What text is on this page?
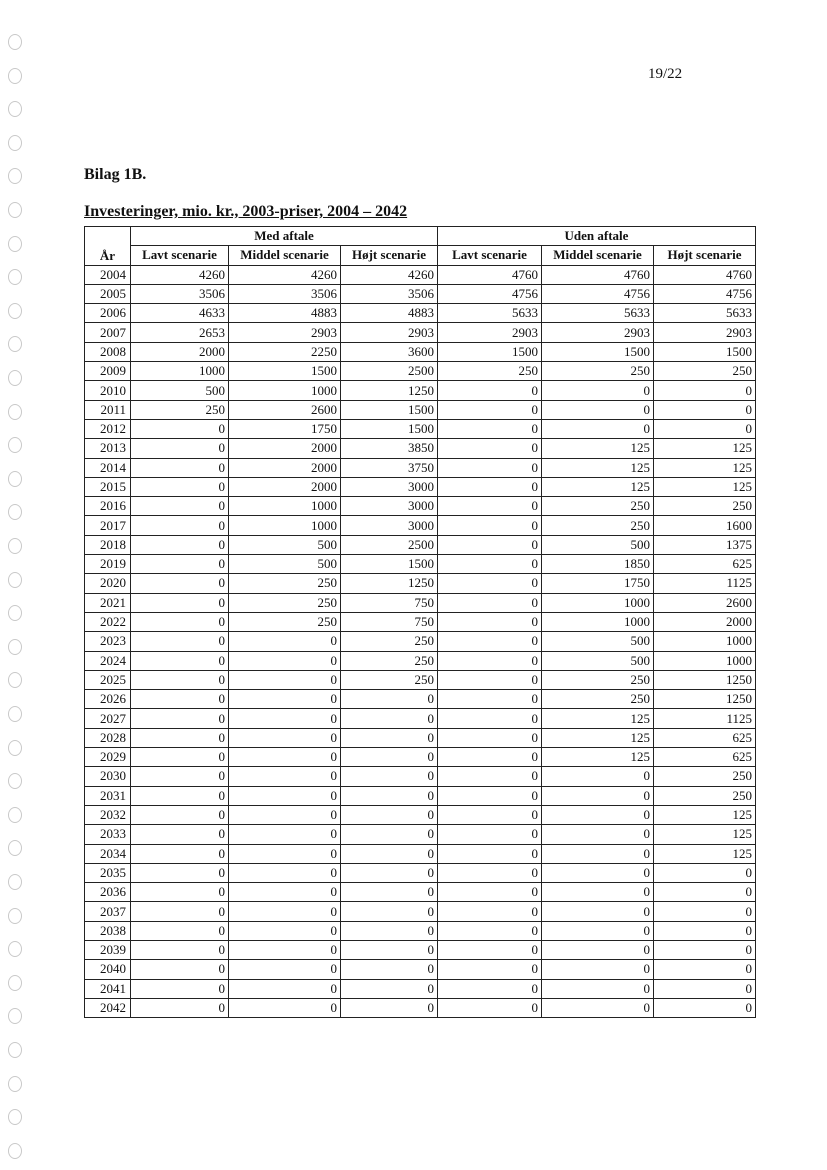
19/22
Bilag 1B.
Investeringer, mio. kr., 2003-priser, 2004 – 2042
År	Med aftale			Uden aftale		
	Lavt scenarie	Middel scenarie	Højt scenarie	Lavt scenarie	Middel scenarie	Højt scenarie
2004	4260	4260	4260	4760	4760	4760
2005	3506	3506	3506	4756	4756	4756
2006	4633	4883	4883	5633	5633	5633
2007	2653	2903	2903	2903	2903	2903
2008	2000	2250	3600	1500	1500	1500
2009	1000	1500	2500	250	250	250
2010	500	1000	1250	0	0	0
2011	250	2600	1500	0	0	0
2012	0	1750	1500	0	0	0
2013	0	2000	3850	0	125	125
2014	0	2000	3750	0	125	125
2015	0	2000	3000	0	125	125
2016	0	1000	3000	0	250	250
2017	0	1000	3000	0	250	1600
2018	0	500	2500	0	500	1375
2019	0	500	1500	0	1850	625
2020	0	250	1250	0	1750	1125
2021	0	250	750	0	1000	2600
2022	0	250	750	0	1000	2000
2023	0	0	250	0	500	1000
2024	0	0	250	0	500	1000
2025	0	0	250	0	250	1250
2026	0	0	0	0	250	1250
2027	0	0	0	0	125	1125
2028	0	0	0	0	125	625
2029	0	0	0	0	125	625
2030	0	0	0	0	0	250
2031	0	0	0	0	0	250
2032	0	0	0	0	0	125
2033	0	0	0	0	0	125
2034	0	0	0	0	0	125
2035	0	0	0	0	0	0
2036	0	0	0	0	0	0
2037	0	0	0	0	0	0
2038	0	0	0	0	0	0
2039	0	0	0	0	0	0
2040	0	0	0	0	0	0
2041	0	0	0	0	0	0
2042	0	0	0	0	0	0
